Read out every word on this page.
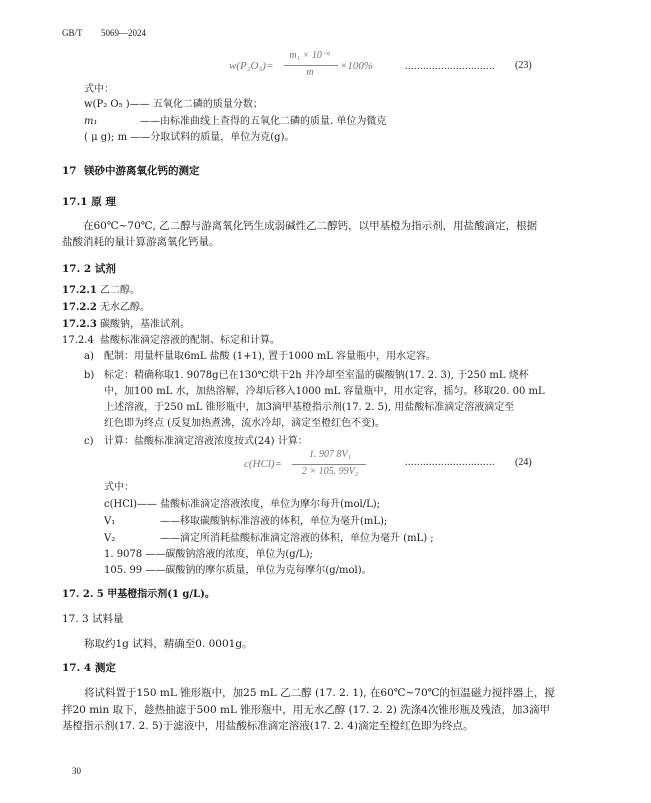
GB/T 5069—2024
w(P₂O₅)=
m₁ × 10⁻⁶
m
×100%	.............................. (23)
式中：
w(P₂ O₅ )—— 五氧化二磷的质量分数；
m₁	——由标准曲线上查得的五氧化二磷的质量. 单位为微克
( μ g); m ——分取试料的质量，单位为克(g)。
17 镁砂中游离氧化钙的测定
17.1 原 理
在60℃~70℃, 乙二醇与游离氧化钙生成弱碱性乙二醇钙，以甲基橙为指示剂，用盐酸滴定，根据
盐酸消耗的量计算游离氧化钙量。
17. 2 试剂
17.2.1 乙二醇。
17.2.2 无水乙醇。
17.2.3 碳酸钠，基准试剂。
17.2.4 盐酸标准滴定溶液的配制、标定和计算。
a) 配制：用量杯量取6mL 盐酸 (1+1), 置于1000 mL 容量瓶中，用水定容。
b) 标定：精确称取1. 9078g已在130℃烘干2h 并冷却至室温的碳酸钠(17. 2. 3), 于250 mL 烧杯
中，加100 mL 水，加热溶解，冷却后移入1000 mL 容量瓶中，用水定容，摇匀。移取20. 00 mL
上述溶液，于250 mL 锥形瓶中，加3滴甲基橙指示剂(17. 2. 5), 用盐酸标准滴定溶液滴定至
红色即为终点 (反复加热煮沸，流水冷却，滴定至橙红色不变)。
c) 计算：盐酸标准滴定溶液浓度按式(24) 计算：
c(HCl)=
1. 907 8V₁
2 × 105. 99V₂
.............................. (24)
式中：
c(HCl)—— 盐酸标准滴定溶液浓度，单位为摩尔每升(mol/L);
V₁	——移取碳酸钠标准溶液的体积，单位为毫升(mL);
V₂	——滴定所消耗盐酸标准滴定溶液的体积，单位为毫升 (mL) ;
1. 9078 ——碳酸钠溶液的浓度，单位为(g/L);
105. 99 ——碳酸钠的摩尔质量，单位为克每摩尔(g/mol)。
17. 2. 5 甲基橙指示剂(1 g/L)。
17. 3 试料量
称取约1g 试料，精确至0. 0001g。
17. 4 测定
将试料置于150 mL 锥形瓶中，加25 mL 乙二醇 (17. 2. 1), 在60℃~70℃的恒温磁力搅拌器上，搅
拌20 min 取下，趁热抽滤于500 mL 锥形瓶中，用无水乙醇 (17. 2. 2) 洗涤4次锥形瓶及残渣，加3滴甲
基橙指示剂(17. 2. 5)于滤液中，用盐酸标准滴定溶液(17. 2. 4)滴定至橙红色即为终点。
30
